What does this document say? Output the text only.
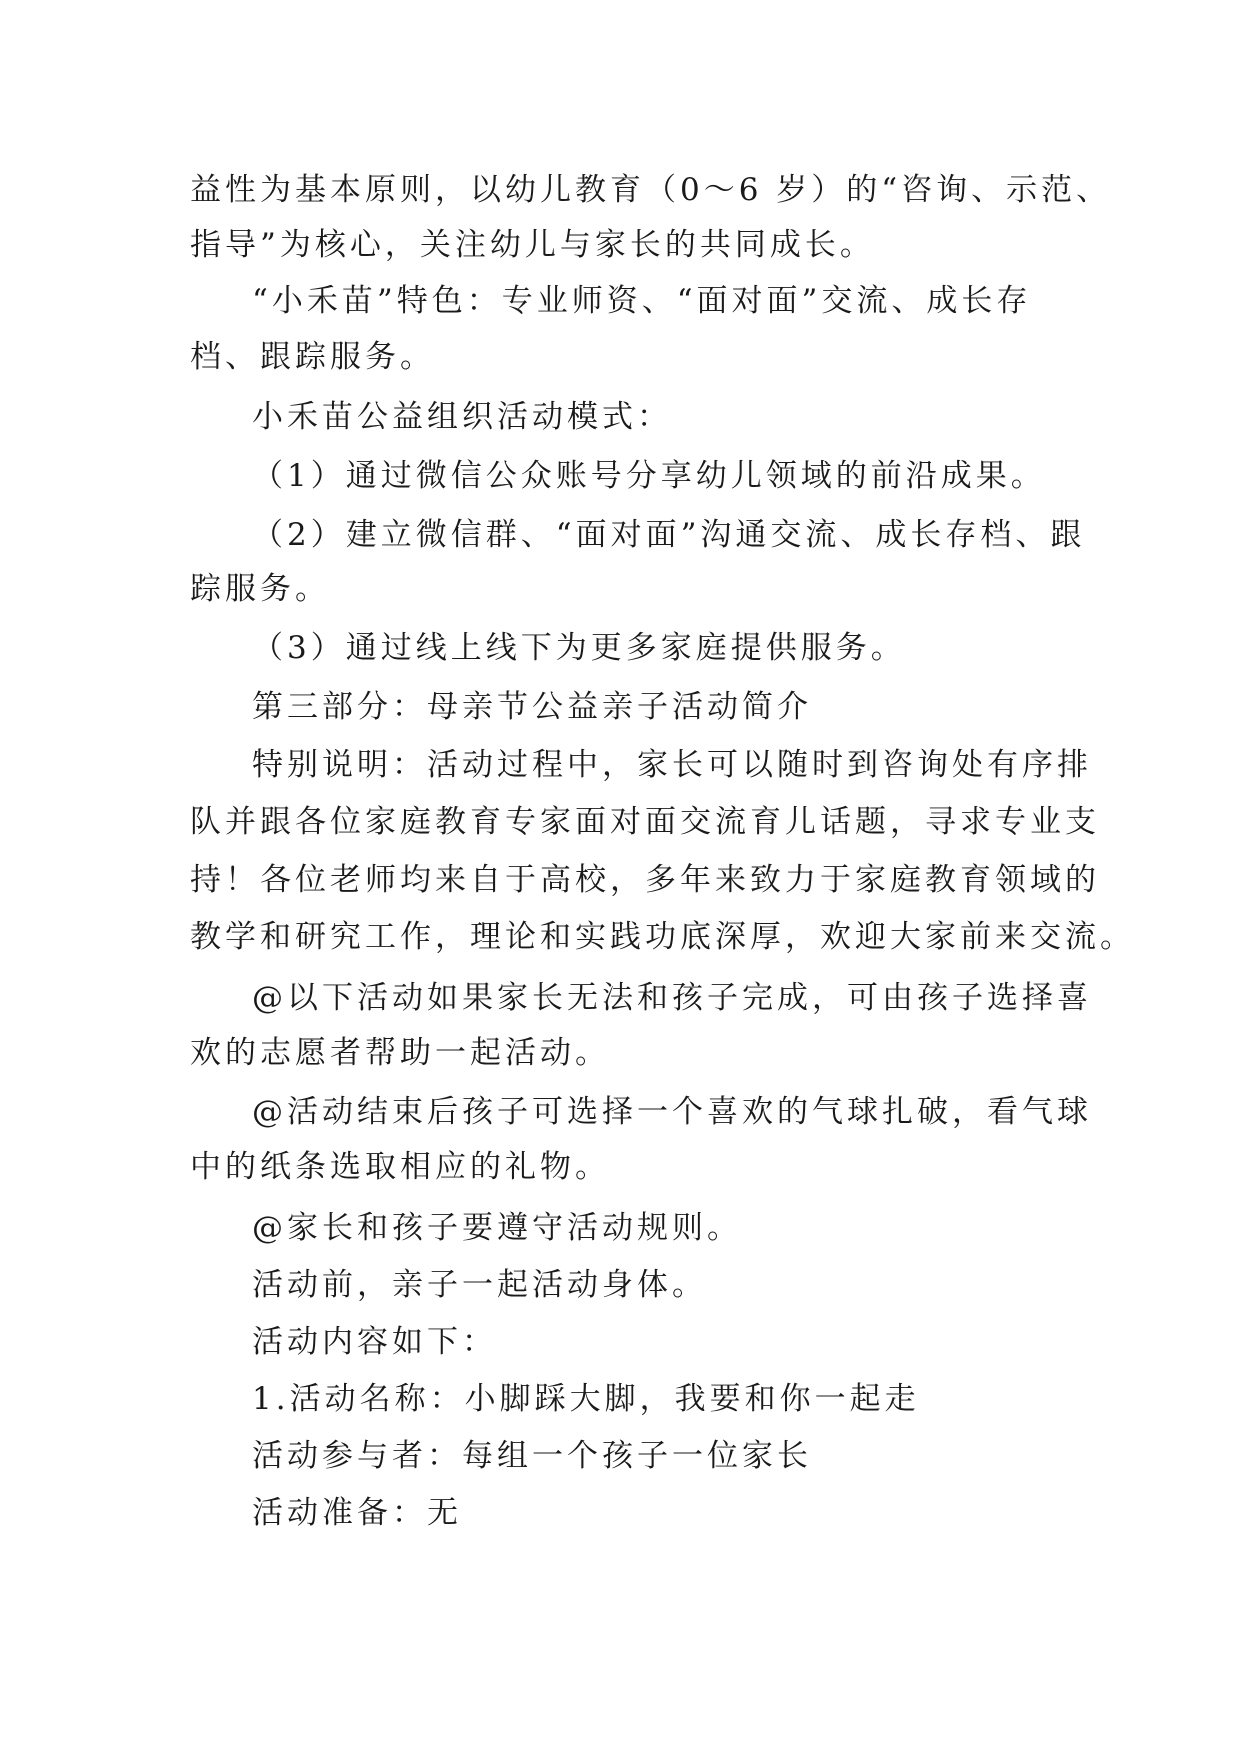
益性为基本原则，以幼儿教育（0～6 岁）的“咨询、示范、
指导”为核心，关注幼儿与家长的共同成长。
“小禾苗”特色：专业师资、“面对面”交流、成长存
档、跟踪服务。
小禾苗公益组织活动模式：
（1）通过微信公众账号分享幼儿领域的前沿成果。
（2）建立微信群、“面对面”沟通交流、成长存档、跟
踪服务。
（3）通过线上线下为更多家庭提供服务。
第三部分：母亲节公益亲子活动简介
特别说明：活动过程中，家长可以随时到咨询处有序排
队并跟各位家庭教育专家面对面交流育儿话题，寻求专业支
持！各位老师均来自于高校，多年来致力于家庭教育领域的
教学和研究工作，理论和实践功底深厚，欢迎大家前来交流。
@以下活动如果家长无法和孩子完成，可由孩子选择喜
欢的志愿者帮助一起活动。
@活动结束后孩子可选择一个喜欢的气球扎破，看气球
中的纸条选取相应的礼物。
@家长和孩子要遵守活动规则。
活动前，亲子一起活动身体。
活动内容如下：
1.活动名称：小脚踩大脚，我要和你一起走
活动参与者：每组一个孩子一位家长
活动准备：无
